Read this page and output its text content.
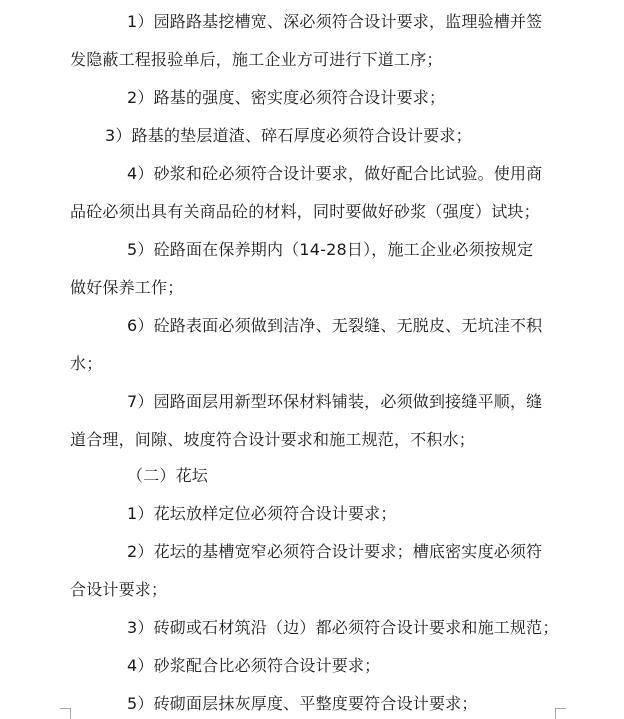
1）园路路基挖槽宽、深必须符合设计要求，监理验槽并签
发隐蔽工程报验单后，施工企业方可进行下道工序；
2）路基的强度、密实度必须符合设计要求；
3）路基的垫层道渣、碎石厚度必须符合设计要求；
4）砂浆和砼必须符合设计要求，做好配合比试验。使用商
品砼必须出具有关商品砼的材料，同时要做好砂浆（强度）试块；
5）砼路面在保养期内（14-28日），施工企业必须按规定
做好保养工作；
6）砼路表面必须做到洁净、无裂缝、无脱皮、无坑洼不积
水；
7）园路面层用新型环保材料铺装，必须做到接缝平顺，缝
道合理，间隙、坡度符合设计要求和施工规范，不积水；
（二）花坛
1）花坛放样定位必须符合设计要求；
2）花坛的基槽宽窄必须符合设计要求；槽底密实度必须符
合设计要求；
3）砖砌或石材筑沿（边）都必须符合设计要求和施工规范；
4）砂浆配合比必须符合设计要求；
5）砖砌面层抹灰厚度、平整度要符合设计要求；
